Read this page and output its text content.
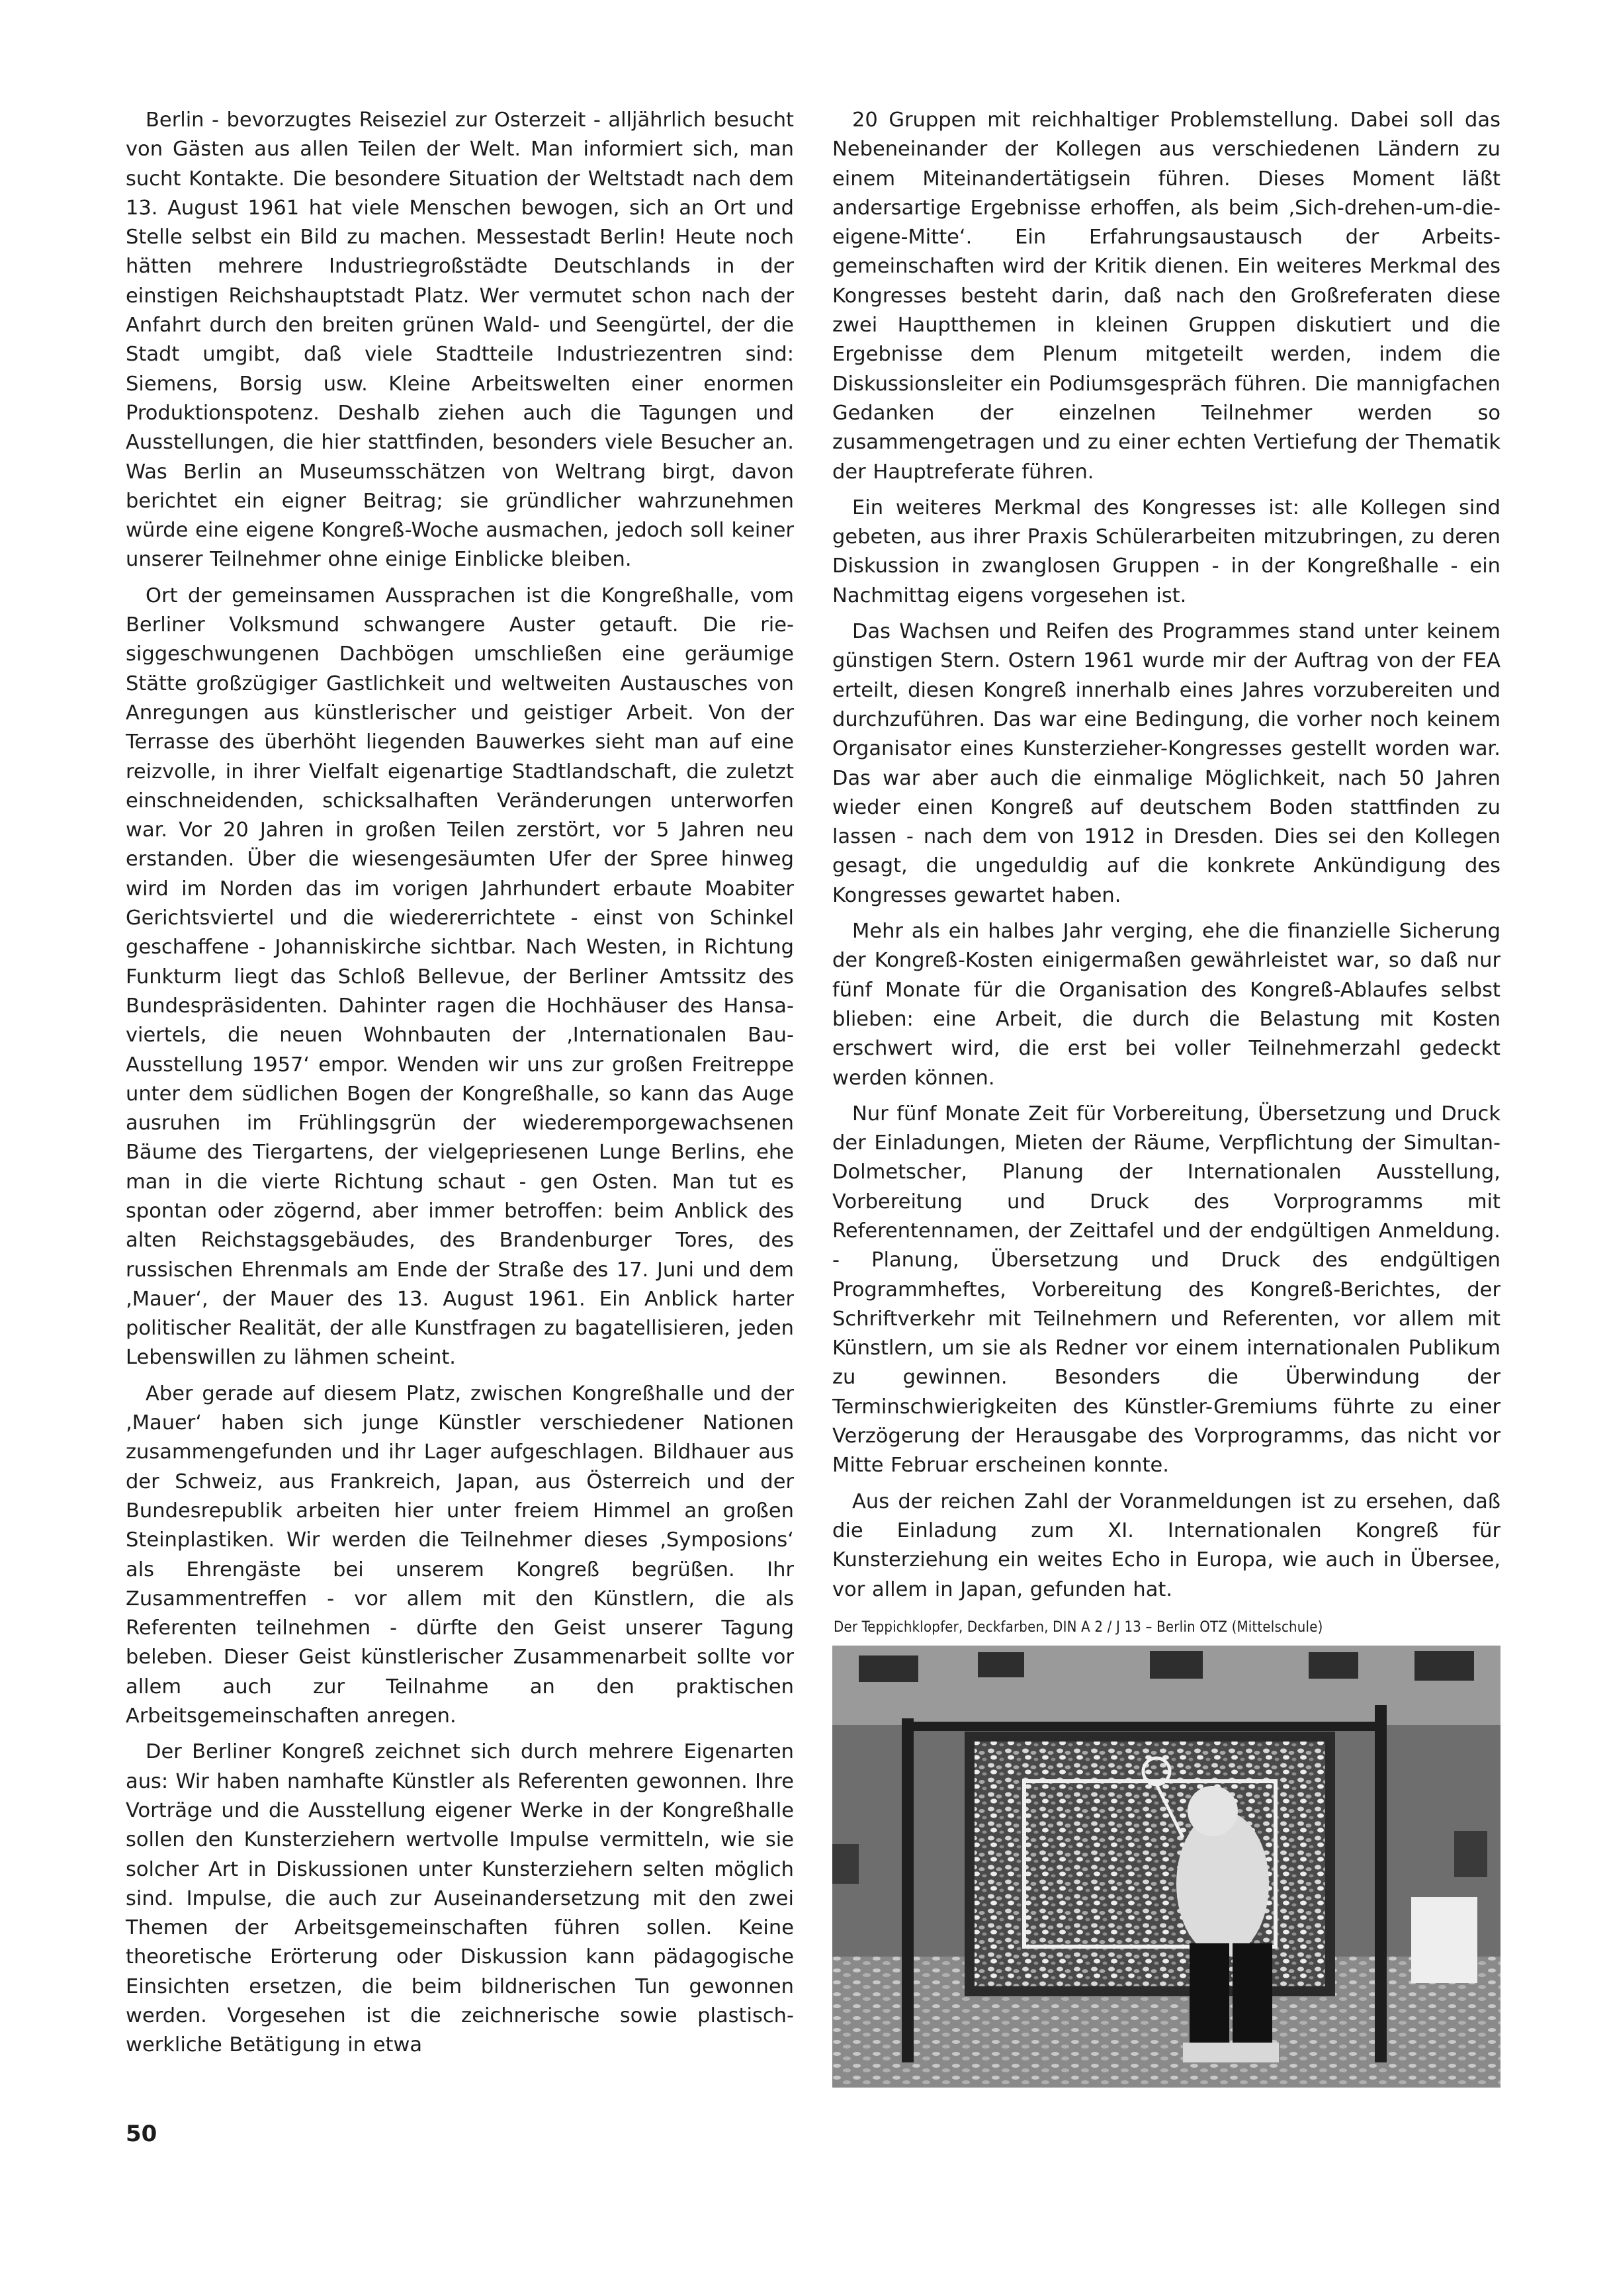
Berlin - bevorzugtes Reiseziel zur Osterzeit - alljährlich besucht von Gästen aus allen Teilen der Welt. Man informiert sich, man sucht Kontakte. Die besondere Situation der Weltstadt nach dem 13. August 1961 hat viele Menschen bewogen, sich an Ort und Stelle selbst ein Bild zu machen. Messestadt Berlin! Heute noch hätten mehrere Industriegroßstädte Deutschlands in der einstigen Reichshauptstadt Platz. Wer vermutet schon nach der Anfahrt durch den breiten grünen Wald- und Seengürtel, der die Stadt umgibt, daß viele Stadtteile Industriezentren sind: Siemens, Borsig usw. Kleine Arbeitswelten einer enormen Produktionspotenz. Deshalb ziehen auch die Tagungen und Ausstellungen, die hier stattfinden, besonders viele Besucher an. Was Berlin an Museumsschätzen von Weltrang birgt, davon berichtet ein eigner Beitrag; sie gründlicher wahrzunehmen würde eine eigene Kongreß-Woche ausmachen, jedoch soll keiner unserer Teilnehmer ohne einige Einblicke bleiben.

Ort der gemeinsamen Aussprachen ist die Kongreßhalle, vom Berliner Volksmund schwangere Auster getauft. Die riesiggeschwungenen Dachbögen umschließen eine geräumige Stätte großzügiger Gastlichkeit und weltweiten Austausches von Anregungen aus künstlerischer und geistiger Arbeit. Von der Terrasse des überhöht liegenden Bauwerkes sieht man auf eine reizvolle, in ihrer Vielfalt eigenartige Stadtlandschaft, die zuletzt einschneidenden, schicksalhaften Veränderungen unterworfen war. Vor 20 Jahren in großen Teilen zerstört, vor 5 Jahren neu erstanden. Über die wiesengesäumten Ufer der Spree hinweg wird im Norden das im vorigen Jahrhundert erbaute Moabiter Gerichtsviertel und die wiedererrichtete - einst von Schinkel geschaffene - Johanniskirche sichtbar. Nach Westen, in Richtung Funkturm liegt das Schloß Bellevue, der Berliner Amtssitz des Bundespräsidenten. Dahinter ragen die Hochhäuser des Hansaviertels, die neuen Wohnbauten der ‚Internationalen Bau-Ausstellung 1957‘ empor. Wenden wir uns zur großen Freitreppe unter dem südlichen Bogen der Kongreßhalle, so kann das Auge ausruhen im Frühlingsgrün der wiederemporgewachsenen Bäume des Tiergartens, der vielgepriesenen Lunge Berlins, ehe man in die vierte Richtung schaut - gen Osten. Man tut es spontan oder zögernd, aber immer betroffen: beim Anblick des alten Reichstagsgebäudes, des Brandenburger Tores, des russischen Ehrenmals am Ende der Straße des 17. Juni und dem ‚Mauer‘, der Mauer des 13. August 1961. Ein Anblick harter politischer Realität, der alle Kunstfragen zu bagatellisieren, jeden Lebenswillen zu lähmen scheint.

Aber gerade auf diesem Platz, zwischen Kongreßhalle und der ‚Mauer‘ haben sich junge Künstler verschiedener Nationen zusammengefunden und ihr Lager aufgeschlagen. Bildhauer aus der Schweiz, aus Frankreich, Japan, aus Österreich und der Bundesrepublik arbeiten hier unter freiem Himmel an großen Steinplastiken. Wir werden die Teilnehmer dieses ‚Symposions‘ als Ehrengäste bei unserem Kongreß begrüßen. Ihr Zusammentreffen - vor allem mit den Künstlern, die als Referenten teilnehmen - dürfte den Geist unserer Tagung beleben. Dieser Geist künstlerischer Zusammenarbeit sollte vor allem auch zur Teilnahme an den praktischen Arbeitsgemeinschaften anregen.

Der Berliner Kongreß zeichnet sich durch mehrere Eigenarten aus: Wir haben namhafte Künstler als Referenten gewonnen. Ihre Vorträge und die Ausstellung eigener Werke in der Kongreßhalle sollen den Kunsterziehern wertvolle Impulse vermitteln, wie sie solcher Art in Diskussionen unter Kunsterziehern selten möglich sind. Impulse, die auch zur Auseinandersetzung mit den zwei Themen der Arbeitsgemeinschaften führen sollen. Keine theoretische Erörterung oder Diskussion kann pädagogische Einsichten ersetzen, die beim bildnerischen Tun gewonnen werden. Vorgesehen ist die zeichnerische sowie plastisch-werkliche Betätigung in etwa

20 Gruppen mit reichhaltiger Problemstellung. Dabei soll das Nebeneinander der Kollegen aus verschiedenen Ländern zu einem Miteinandertätigsein führen. Dieses Moment läßt andersartige Ergebnisse erhoffen, als beim ‚Sich-drehen-um-die-eigene-Mitte‘. Ein Erfahrungsaustausch der Arbeitsgemeinschaften wird der Kritik dienen. Ein weiteres Merkmal des Kongresses besteht darin, daß nach den Großreferaten diese zwei Hauptthemen in kleinen Gruppen diskutiert und die Ergebnisse dem Plenum mitgeteilt werden, indem die Diskussionsleiter ein Podiumsgespräch führen. Die mannigfachen Gedanken der einzelnen Teilnehmer werden so zusammengetragen und zu einer echten Vertiefung der Thematik der Hauptreferate führen.

Ein weiteres Merkmal des Kongresses ist: alle Kollegen sind gebeten, aus ihrer Praxis Schülerarbeiten mitzubringen, zu deren Diskussion in zwanglosen Gruppen - in der Kongreßhalle - ein Nachmittag eigens vorgesehen ist.

Das Wachsen und Reifen des Programmes stand unter keinem günstigen Stern. Ostern 1961 wurde mir der Auftrag von der FEA erteilt, diesen Kongreß innerhalb eines Jahres vorzubereiten und durchzuführen. Das war eine Bedingung, die vorher noch keinem Organisator eines Kunsterzieher-Kongresses gestellt worden war. Das war aber auch die einmalige Möglichkeit, nach 50 Jahren wieder einen Kongreß auf deutschem Boden stattfinden zu lassen - nach dem von 1912 in Dresden. Dies sei den Kollegen gesagt, die ungeduldig auf die konkrete Ankündigung des Kongresses gewartet haben.

Mehr als ein halbes Jahr verging, ehe die finanzielle Sicherung der Kongreß-Kosten einigermaßen gewährleistet war, so daß nur fünf Monate für die Organisation des Kongreß-Ablaufes selbst blieben: eine Arbeit, die durch die Belastung mit Kosten erschwert wird, die erst bei voller Teilnehmerzahl gedeckt werden können.

Nur fünf Monate Zeit für Vorbereitung, Übersetzung und Druck der Einladungen, Mieten der Räume, Verpflichtung der Simultan-Dolmetscher, Planung der Internationalen Ausstellung, Vorbereitung und Druck des Vorprogramms mit Referentennamen, der Zeittafel und der endgültigen Anmeldung. - Planung, Übersetzung und Druck des endgültigen Programmheftes, Vorbereitung des Kongreß-Berichtes, der Schriftverkehr mit Teilnehmern und Referenten, vor allem mit Künstlern, um sie als Redner vor einem internationalen Publikum zu gewinnen. Besonders die Überwindung der Terminschwierigkeiten des Künstler-Gremiums führte zu einer Verzögerung der Herausgabe des Vorprogramms, das nicht vor Mitte Februar erscheinen konnte.

Aus der reichen Zahl der Voranmeldungen ist zu ersehen, daß die Einladung zum XI. Internationalen Kongreß für Kunsterziehung ein weites Echo in Europa, wie auch in Übersee, vor allem in Japan, gefunden hat.

Der Teppichklopfer, Deckfarben, DIN A 2 / J 13 – Berlin OTZ (Mittelschule)
50
